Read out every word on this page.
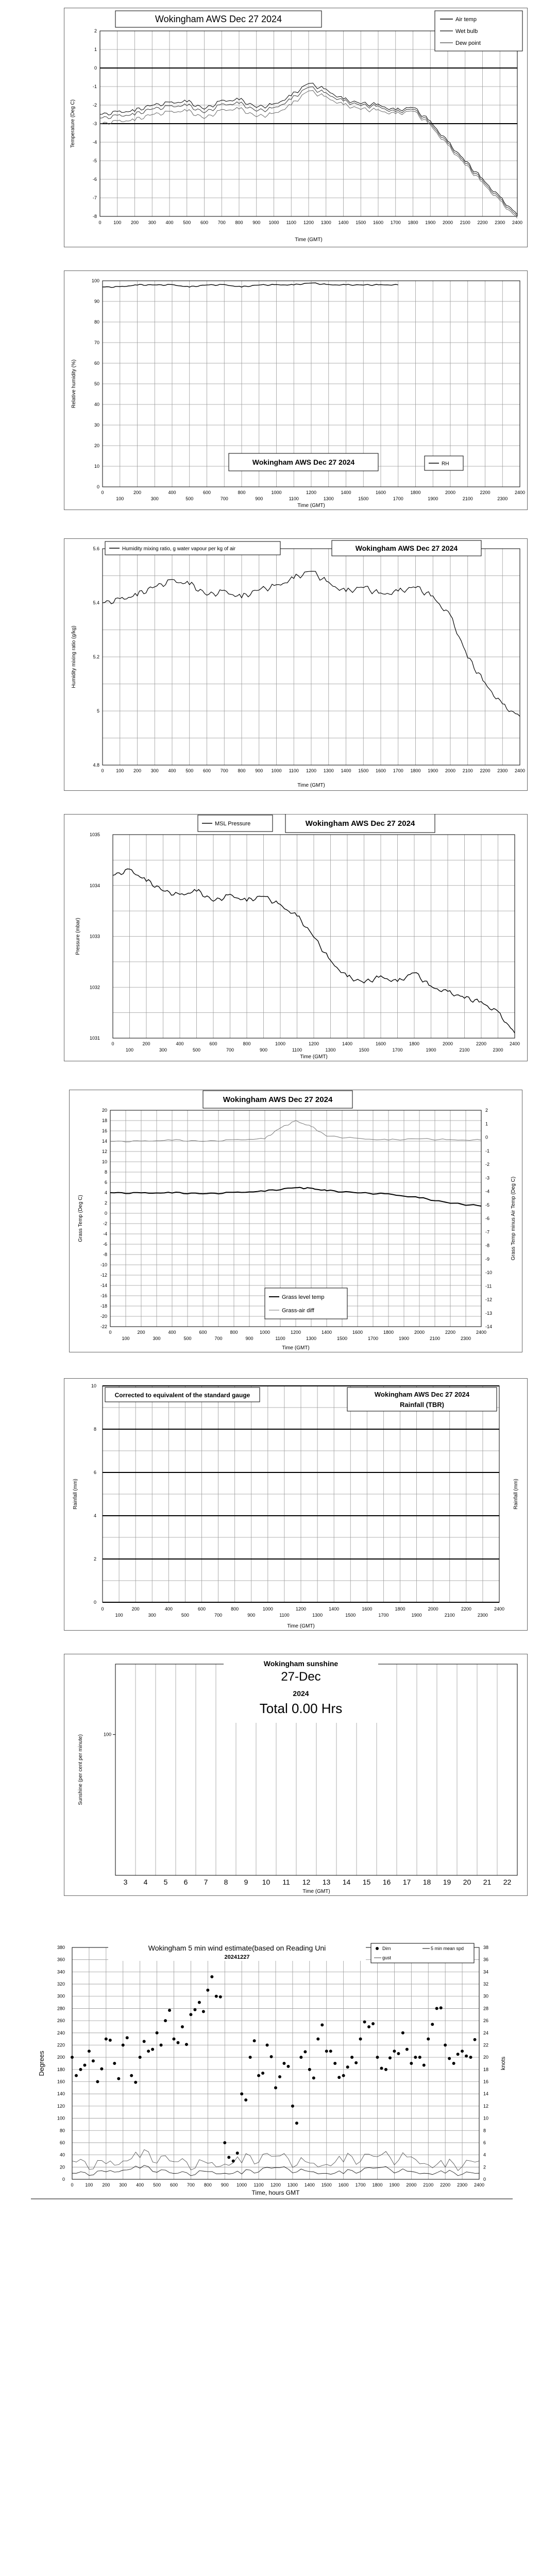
2
1
0
-1
-2
-3
-4
-5
-6
-7
-8
0	100 200 300 400 500 600 700 800 900 1000 1100 1200 1300 1400 1500 1600 1700 1800 1900 2000 2100 2200 2300 2400
Time (GMT)
Temperature (Deg C)
Wokingham AWS Dec 27 2024	Air temp
Wet bulb
Dew point
100
90
80
70
60
50
40
30
20
10
0
0	200	400	600	800	1000	1200	1400	1600	1800	2000	2200	2400
100	300	500	700	900	1100	1300	1500	1700	1900	2100	2300
Time (GMT)
Relative humidity (%)
Wokingham AWS Dec 27 2024	RH
5.6
5.4
5.2
5
4.8
0	100 200 300 400 500 600 700 800 900 1000 1100 1200 1300 1400 1500 1600 1700 1800 1900 2000 2100 2200 2300 2400
Time (GMT)
Humidity mixing ratio (g/kg)
Humidity mixing ratio, g water vapour per kg of air	Wokingham AWS Dec 27 2024
1035
1034
1033
1032
1031
0	200	400	600	800	1000	1200	1400	1600	1800	2000	2200	2400
100	300	500	700	900	1100	1300	1500	1700	1900	2100	2300
Time (GMT)
Pressure (mbar)
MSL Pressure	Wokingham AWS Dec 27 2024
20
18
16
14
12
10
8
6
4
2
0
-2
-4
-6
-8
-10
-12
-14
-16
-18
-20
-22
2
1
0
-1
-2
-3
-4
-5
-6
-7
-8
-9
-10
-11
-12
-13
-14
0	200	400	600	800	1000	1200	1400	1600	1800	2000	2200	2400
100	300	500	700	900	1100	1300	1500	1700	1900	2100	2300
Time (GMT)
Grass Temp (Deg C)	Grass Temp minus Air Temp (Deg C)
Wokingham AWS Dec 27 2024
Grass level temp
Grass-air diff
10
8
6
4
2
0
0	200	400	600	800	1000	1200	1400	1600	1800	2000	2200	2400
100	300	500	700	900	1100	1300	1500	1700	1900	2100	2300
Time (GMT)
Rainfall (mm)	Rainfall (mm)
Corrected to equivalent of the standard gauge	Wokingham AWS Dec 27 2024
Rainfall (TBR)
100
3 4 5 6 7 8 9 10 11 12 13 14 15 16 17 18 19 20 21 22
Time (GMT)
Sunshine (per cent per minute)
Wokingham sunshine
27-Dec
2024
Total 0.00 Hrs
380
360
340
320
300
280
260
240
220
200
180
160
140
120
100
80
60
40
20
0
38
36
34
32
30
28
26
24
22
20
18
16
14
12
10
8
6
4
2
0
0	100 200 300 400 500 600 700 800 900 1000 1100 1200 1300 1400 1500 1600 1700 1800 1900 2000 2100 2200 2300 2400
Time, hours GMT
Degrees	knots
Wokingham 5 min wind estimate(based on Reading Uni
20241227
Dirn
gust
5 min mean spd
